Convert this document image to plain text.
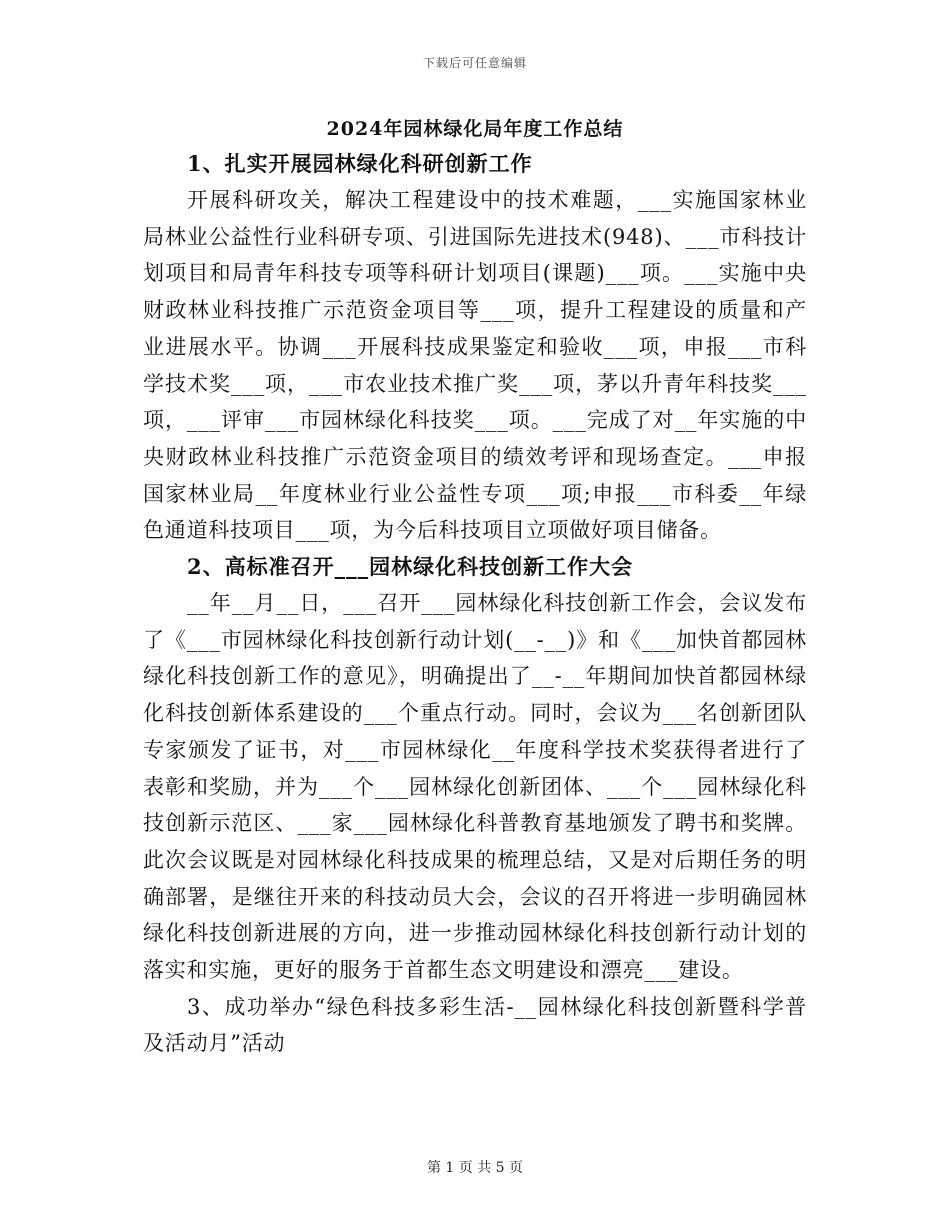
下载后可任意编辑
2024年园林绿化局年度工作总结

1、扎实开展园林绿化科研创新工作

开展科研攻关，解决工程建设中的技术难题，___实施国家林业局林业公益性行业科研专项、引进国际先进技术(948)、___市科技计划项目和局青年科技专项等科研计划项目(课题)___项。___实施中央财政林业科技推广示范资金项目等___项，提升工程建设的质量和产业进展水平。协调___开展科技成果鉴定和验收___项，申报___市科学技术奖___项，___市农业技术推广奖___项，茅以升青年科技奖___项，___评审___市园林绿化科技奖___项。___完成了对__年实施的中央财政林业科技推广示范资金项目的绩效考评和现场查定。___申报国家林业局__年度林业行业公益性专项___项;申报___市科委__年绿色通道科技项目___项，为今后科技项目立项做好项目储备。

2、高标准召开___园林绿化科技创新工作大会

__年__月__日，___召开___园林绿化科技创新工作会，会议发布了《___市园林绿化科技创新行动计划(__-__)》和《___加快首都园林绿化科技创新工作的意见》，明确提出了__-__年期间加快首都园林绿化科技创新体系建设的___个重点行动。同时，会议为___名创新团队专家颁发了证书，对___市园林绿化__年度科学技术奖获得者进行了表彰和奖励，并为___个___园林绿化创新团体、___个___园林绿化科技创新示范区、___家___园林绿化科普教育基地颁发了聘书和奖牌。此次会议既是对园林绿化科技成果的梳理总结，又是对后期任务的明确部署，是继往开来的科技动员大会，会议的召开将进一步明确园林绿化科技创新进展的方向，进一步推动园林绿化科技创新行动计划的落实和实施，更好的服务于首都生态文明建设和漂亮___建设。

3、成功举办“绿色科技多彩生活-__园林绿化科技创新暨科学普及活动月”活动

第 1 页 共 5 页
